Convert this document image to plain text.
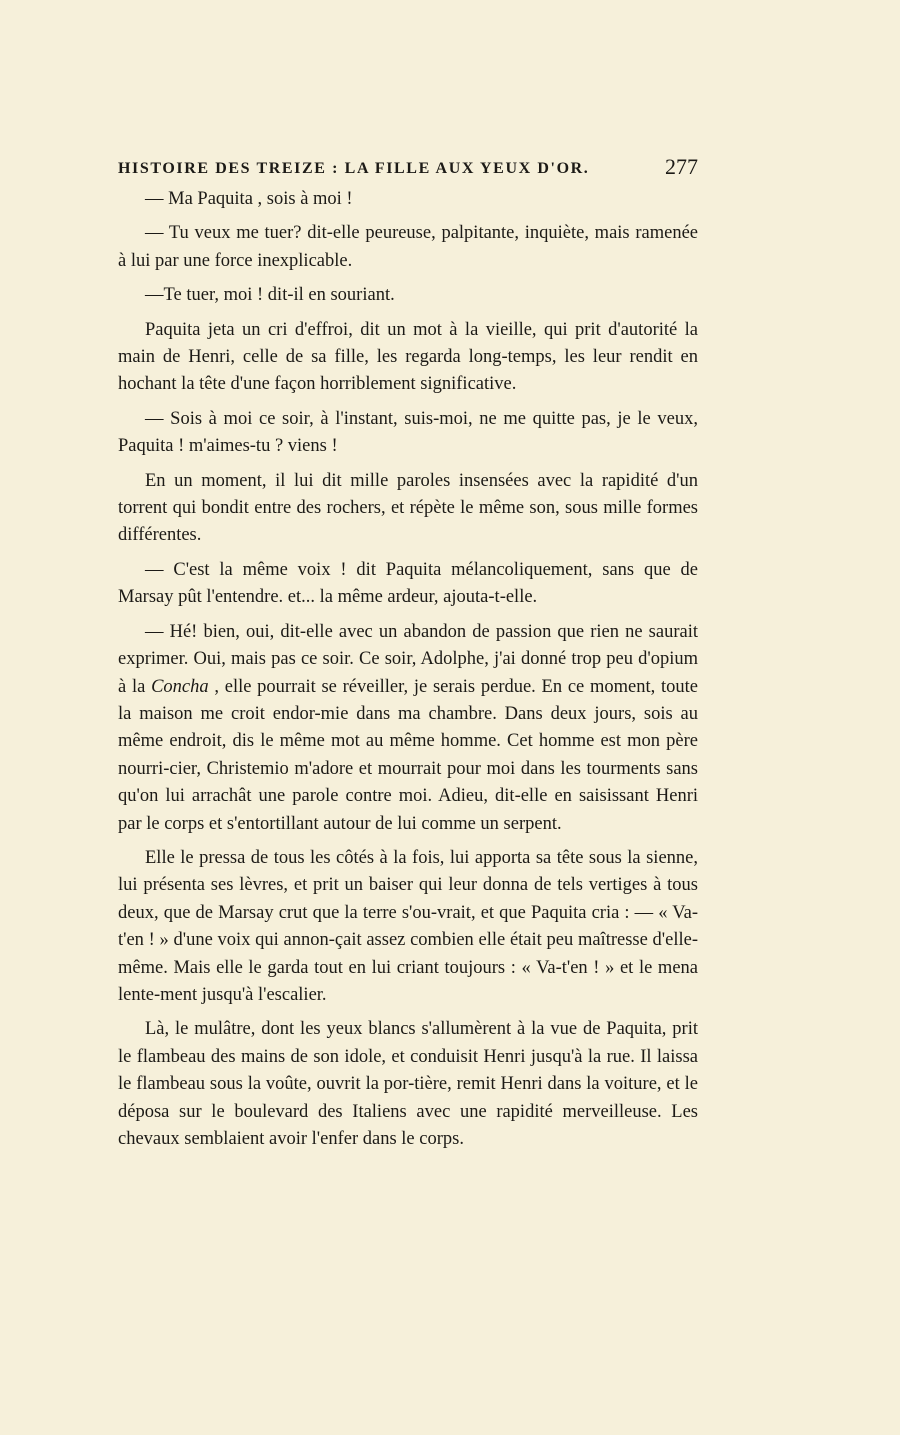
HISTOIRE DES TREIZE : LA FILLE AUX YEUX D'OR.	277

— Ma Paquita , sois à moi !

— Tu veux me tuer? dit-elle peureuse, palpitante, inquiète, mais ramenée à lui par une force inexplicable.

—Te tuer, moi ! dit-il en souriant.

Paquita jeta un cri d'effroi, dit un mot à la vieille, qui prit d'autorité la main de Henri, celle de sa fille, les regarda long-temps, les leur rendit en hochant la tête d'une façon horriblement significative.

— Sois à moi ce soir, à l'instant, suis-moi, ne me quitte pas, je le veux, Paquita ! m'aimes-tu ? viens !

En un moment, il lui dit mille paroles insensées avec la rapidité d'un torrent qui bondit entre des rochers, et répète le même son, sous mille formes différentes.

— C'est la même voix ! dit Paquita mélancoliquement, sans que de Marsay pût l'entendre. et... la même ardeur, ajouta-t-elle.

— Hé! bien, oui, dit-elle avec un abandon de passion que rien ne saurait exprimer. Oui, mais pas ce soir. Ce soir, Adolphe, j'ai donné trop peu d'opium à la Concha , elle pourrait se réveiller, je serais perdue. En ce moment, toute la maison me croit endor-mie dans ma chambre. Dans deux jours, sois au même endroit, dis le même mot au même homme. Cet homme est mon père nourri-cier, Christemio m'adore et mourrait pour moi dans les tourments sans qu'on lui arrachât une parole contre moi. Adieu, dit-elle en saisissant Henri par le corps et s'entortillant autour de lui comme un serpent.

Elle le pressa de tous les côtés à la fois, lui apporta sa tête sous la sienne, lui présenta ses lèvres, et prit un baiser qui leur donna de tels vertiges à tous deux, que de Marsay crut que la terre s'ou-vrait, et que Paquita cria : — « Va-t'en ! » d'une voix qui annon-çait assez combien elle était peu maîtresse d'elle-même. Mais elle le garda tout en lui criant toujours : « Va-t'en ! » et le mena lente-ment jusqu'à l'escalier.

Là, le mulâtre, dont les yeux blancs s'allumèrent à la vue de Paquita, prit le flambeau des mains de son idole, et conduisit Henri jusqu'à la rue. Il laissa le flambeau sous la voûte, ouvrit la por-tière, remit Henri dans la voiture, et le déposa sur le boulevard des Italiens avec une rapidité merveilleuse. Les chevaux semblaient avoir l'enfer dans le corps.
